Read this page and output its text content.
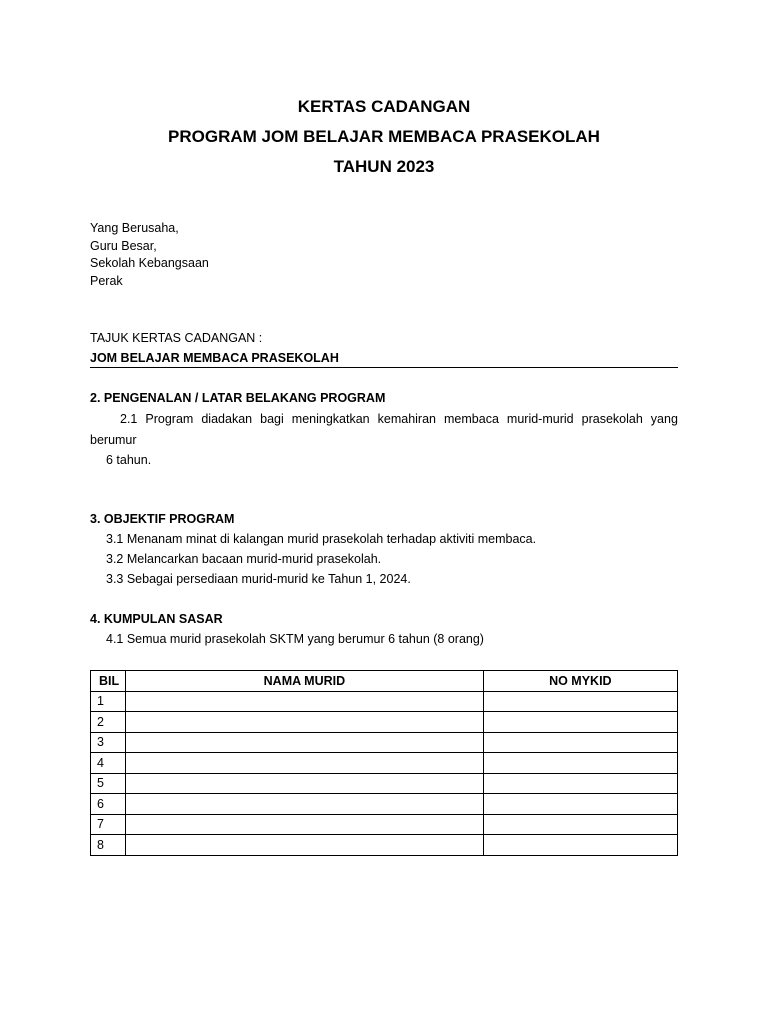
KERTAS CADANGAN
PROGRAM JOM BELAJAR MEMBACA PRASEKOLAH
TAHUN 2023
Yang Berusaha,
Guru Besar,
Sekolah Kebangsaan
Perak
TAJUK KERTAS CADANGAN :
JOM BELAJAR MEMBACA PRASEKOLAH
2. PENGENALAN / LATAR BELAKANG PROGRAM
2.1 Program diadakan bagi meningkatkan kemahiran membaca murid-murid prasekolah yang
berumur
6 tahun.
3. OBJEKTIF PROGRAM
3.1 Menanam minat di kalangan murid prasekolah terhadap aktiviti membaca.
3.2 Melancarkan bacaan murid-murid prasekolah.
3.3 Sebagai persediaan murid-murid ke Tahun 1, 2024.
4. KUMPULAN SASAR
4.1 Semua murid prasekolah SKTM yang berumur 6 tahun (8 orang)
BIL	NAMA MURID	NO MYKID
1		
2		
3		
4		
5		
6		
7		
8		
